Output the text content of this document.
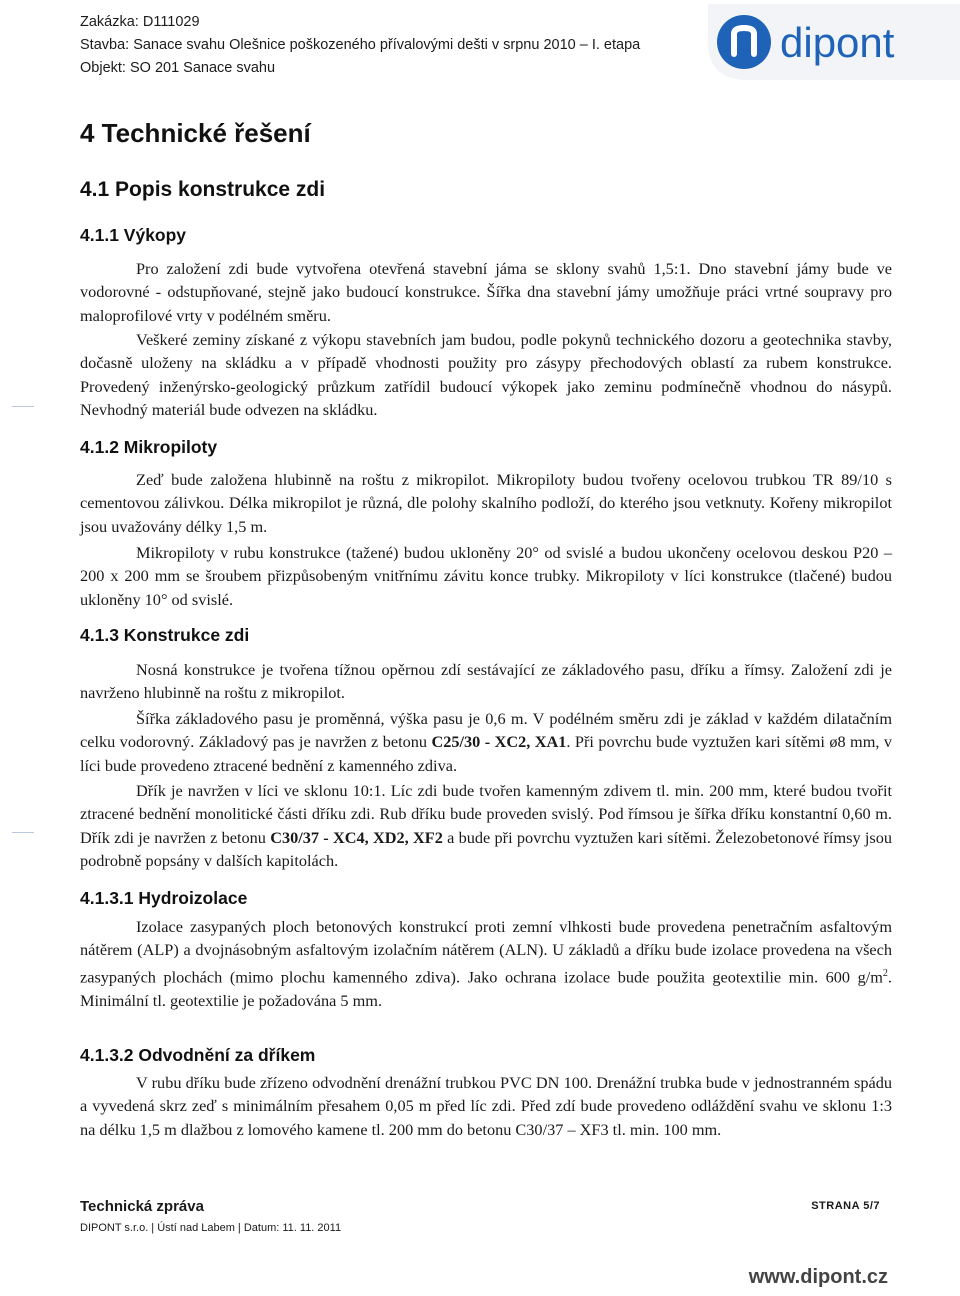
Zakázka: D111029
Stavba: Sanace svahu Olešnice poškozeného přívalovými dešti v srpnu 2010 – I. etapa
Objekt: SO 201 Sanace svahu
dipont
4 Technické řešení
4.1 Popis konstrukce zdi
4.1.1 Výkopy

Pro založení zdi bude vytvořena otevřená stavební jáma se sklony svahů 1,5:1. Dno stavební jámy bude ve vodorovné - odstupňované, stejně jako budoucí konstrukce. Šířka dna stavební jámy umožňuje práci vrtné soupravy pro maloprofilové vrty v podélném směru.

Veškeré zeminy získané z výkopu stavebních jam budou, podle pokynů technického dozoru a geotechnika stavby, dočasně uloženy na skládku a v případě vhodnosti použity pro zásypy přechodových oblastí za rubem konstrukce. Provedený inženýrsko-geologický průzkum zatřídil budoucí výkopek jako zeminu podmínečně vhodnou do násypů. Nevhodný materiál bude odvezen na skládku.

4.1.2 Mikropiloty

Zeď bude založena hlubinně na roštu z mikropilot. Mikropiloty budou tvořeny ocelovou trubkou TR 89/10 s cementovou zálivkou. Délka mikropilot je různá, dle polohy skalního podloží, do kterého jsou vetknuty. Kořeny mikropilot jsou uvažovány délky 1,5 m.

Mikropiloty v rubu konstrukce (tažené) budou ukloněny 20° od svislé a budou ukončeny ocelovou deskou P20 – 200 x 200 mm se šroubem přizpůsobeným vnitřnímu závitu konce trubky. Mikropiloty v líci konstrukce (tlačené) budou ukloněny 10° od svislé.

4.1.3 Konstrukce zdi

Nosná konstrukce je tvořena tížnou opěrnou zdí sestávající ze základového pasu, dříku a římsy. Založení zdi je navrženo hlubinně na roštu z mikropilot.

Šířka základového pasu je proměnná, výška pasu je 0,6 m. V podélném směru zdi je základ v každém dilatačním celku vodorovný. Základový pas je navržen z betonu C25/30 - XC2, XA1. Při povrchu bude vyztužen kari sítěmi ø8 mm, v líci bude provedeno ztracené bednění z kamenného zdiva.

Dřík je navržen v líci ve sklonu 10:1. Líc zdi bude tvořen kamenným zdivem tl. min. 200 mm, které budou tvořit ztracené bednění monolitické části dříku zdi. Rub dříku bude proveden svislý. Pod římsou je šířka dříku konstantní 0,60 m. Dřík zdi je navržen z betonu C30/37 - XC4, XD2, XF2 a bude při povrchu vyztužen kari sítěmi. Železobetonové římsy jsou podrobně popsány v dalších kapitolách.

4.1.3.1 Hydroizolace

Izolace zasypaných ploch betonových konstrukcí proti zemní vlhkosti bude provedena penetračním asfaltovým nátěrem (ALP) a dvojnásobným asfaltovým izolačním nátěrem (ALN). U základů a dříku bude izolace provedena na všech zasypaných plochách (mimo plochu kamenného zdiva). Jako ochrana izolace bude použita geotextilie min. 600 $g/m^2$. Minimální tl. geotextilie je požadována 5 mm.

4.1.3.2 Odvodnění za dříkem

V rubu dříku bude zřízeno odvodnění drenážní trubkou PVC DN 100. Drenážní trubka bude v jednostranném spádu a vyvedená skrz zeď s minimálním přesahem 0,05 m před líc zdi. Před zdí bude provedeno odláždění svahu ve sklonu 1:3 na délku 1,5 m dlažbou z lomového kamene tl. 200 mm do betonu C30/37 – XF3 tl. min. 100 mm.

Technická zpráva	STRANA 5/7
DIPONT s.r.o. | Ústí nad Labem | Datum: 11. 11. 2011
www.dipont.cz
